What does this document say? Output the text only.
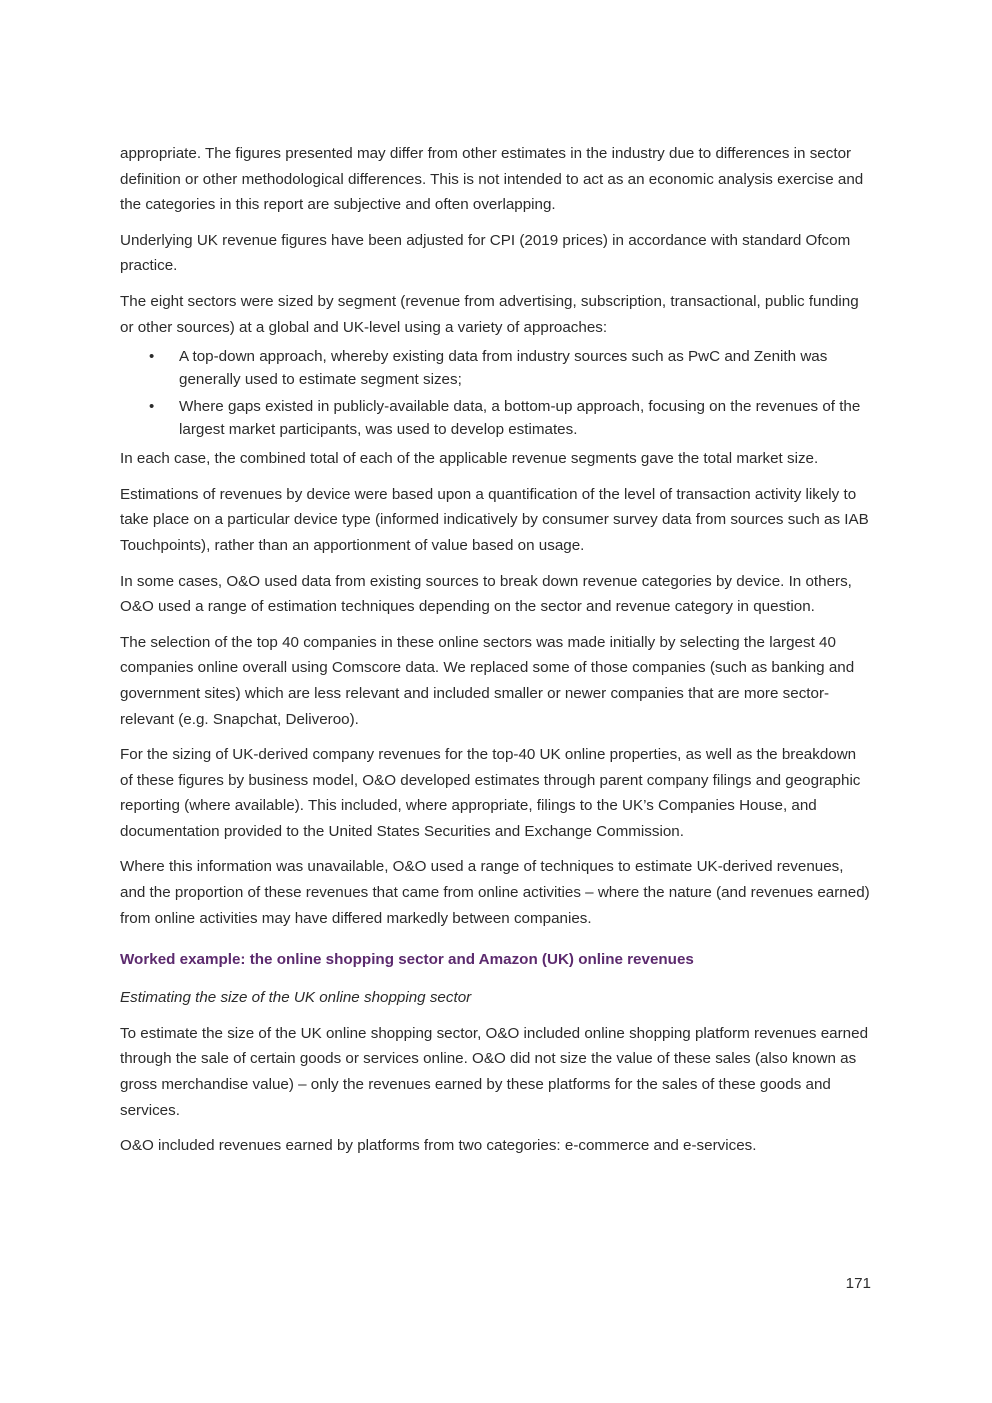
appropriate. The figures presented may differ from other estimates in the industry due to differences in sector definition or other methodological differences. This is not intended to act as an economic analysis exercise and the categories in this report are subjective and often overlapping.

Underlying UK revenue figures have been adjusted for CPI (2019 prices) in accordance with standard Ofcom practice.

The eight sectors were sized by segment (revenue from advertising, subscription, transactional, public funding or other sources) at a global and UK-level using a variety of approaches:

• A top-down approach, whereby existing data from industry sources such as PwC and Zenith was generally used to estimate segment sizes;
• Where gaps existed in publicly-available data, a bottom-up approach, focusing on the revenues of the largest market participants, was used to develop estimates.

In each case, the combined total of each of the applicable revenue segments gave the total market size.

Estimations of revenues by device were based upon a quantification of the level of transaction activity likely to take place on a particular device type (informed indicatively by consumer survey data from sources such as IAB Touchpoints), rather than an apportionment of value based on usage.

In some cases, O&O used data from existing sources to break down revenue categories by device. In others, O&O used a range of estimation techniques depending on the sector and revenue category in question.

The selection of the top 40 companies in these online sectors was made initially by selecting the largest 40 companies online overall using Comscore data. We replaced some of those companies (such as banking and government sites) which are less relevant and included smaller or newer companies that are more sector-relevant (e.g. Snapchat, Deliveroo).

For the sizing of UK-derived company revenues for the top-40 UK online properties, as well as the breakdown of these figures by business model, O&O developed estimates through parent company filings and geographic reporting (where available). This included, where appropriate, filings to the UK’s Companies House, and documentation provided to the United States Securities and Exchange Commission.

Where this information was unavailable, O&O used a range of techniques to estimate UK-derived revenues, and the proportion of these revenues that came from online activities – where the nature (and revenues earned) from online activities may have differed markedly between companies.

Worked example: the online shopping sector and Amazon (UK) online revenues

Estimating the size of the UK online shopping sector

To estimate the size of the UK online shopping sector, O&O included online shopping platform revenues earned through the sale of certain goods or services online. O&O did not size the value of these sales (also known as gross merchandise value) – only the revenues earned by these platforms for the sales of these goods and services.

O&O included revenues earned by platforms from two categories: e-commerce and e-services.

171
